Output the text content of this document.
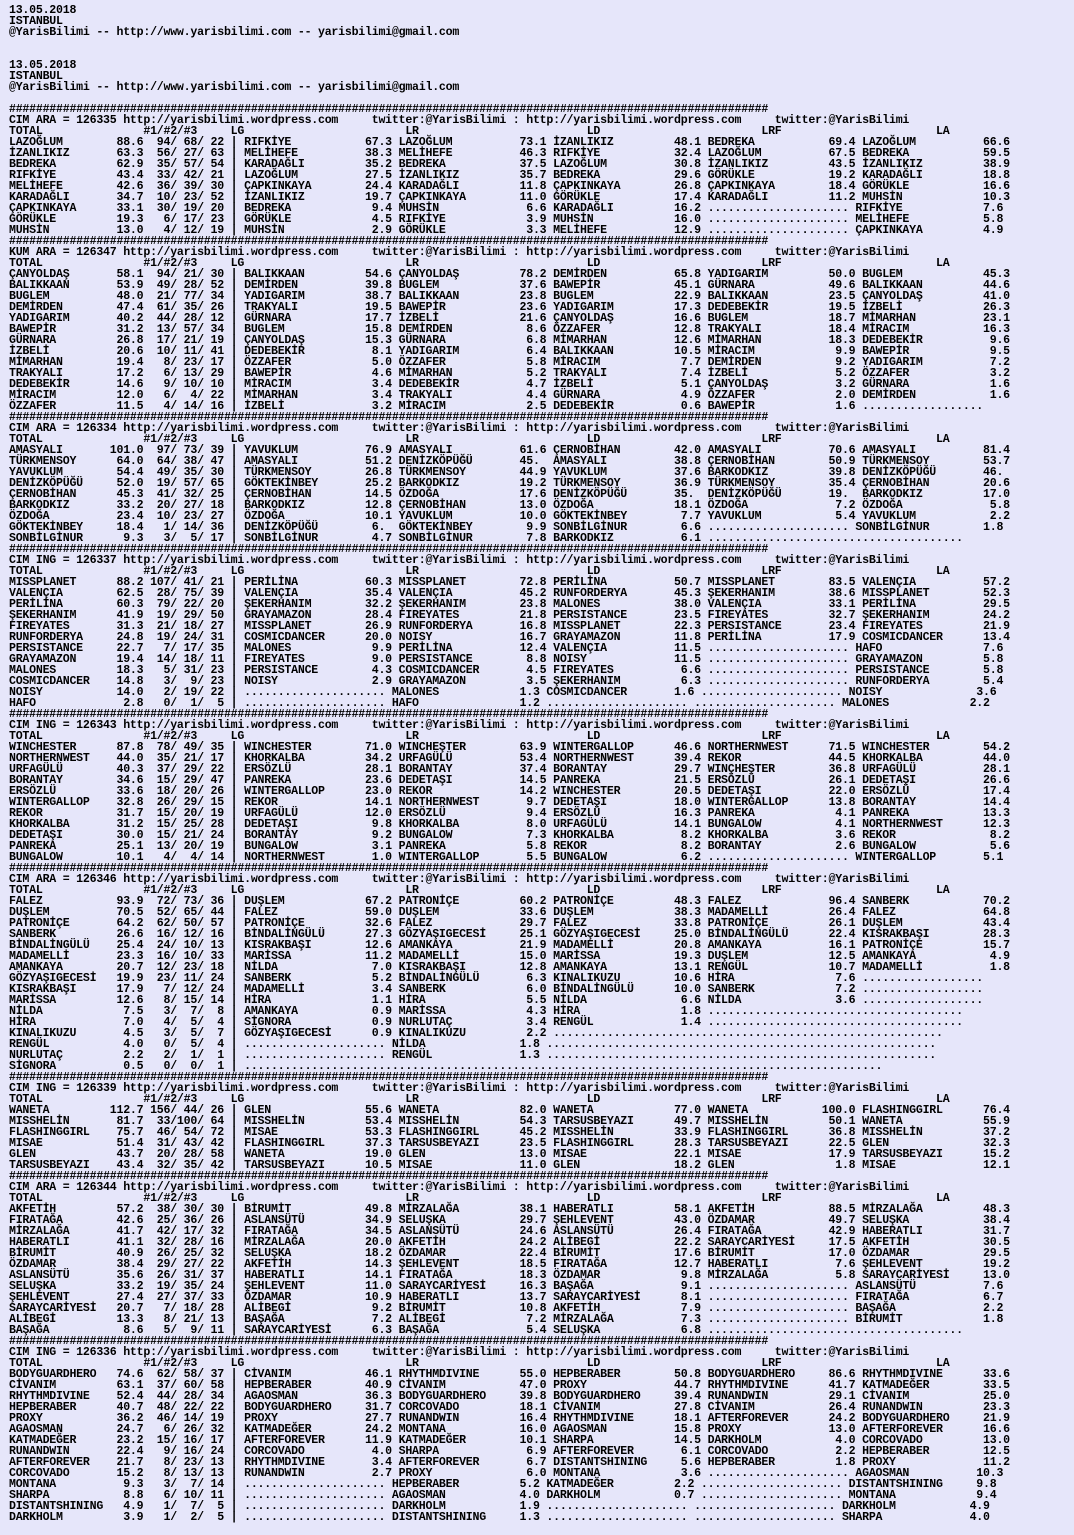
13.05.2018
ISTANBUL
@YarisBilimi -- http://www.yarisbilimi.com -- yarisbilimi@gmail.com
13.05.2018
ISTANBUL
@YarisBilimi -- http://www.yarisbilimi.com -- yarisbilimi@gmail.com
#################################################################################################################
CIM ARA = 126335 http://yarisbilimi.wordpress.com     twitter:@YarisBilimi : http://yarisbilimi.wordpress.com     twitter:@YarisBilimi
TOTAL               #1/#2/#3     LG                        LR                         LD                        LRF                       LA
LAZOĞLUM        88.6  94/ 68/ 22 | RIFKİYE           67.3 LAZOĞLUM          73.1 İZANLIKIZ         48.1 BEDREKA           69.4 LAZOĞLUM          66.6
İZANLIKIZ       63.3  56/ 27/ 63 | MELİHEFE          38.3 MELİHEFE          46.3 RIFKİYE           32.4 LAZOĞLUM          67.5 BEDREKA           59.5
BEDREKA         62.9  35/ 57/ 54 | KARADAĞLI         35.2 BEDREKA           37.5 LAZOĞLUM          30.8 İZANLIKIZ         43.5 İZANLIKIZ         38.9
RIFKİYE         43.4  33/ 42/ 21 | LAZOĞLUM          27.5 İZANLIKIZ         35.7 BEDREKA           29.6 GÖRÜKLE           19.2 KARADAĞLI         18.8
MELİHEFE        42.6  36/ 39/ 30 | ÇAPKINKAYA        24.4 KARADAĞLI         11.8 ÇAPKINKAYA        26.8 ÇAPKINKAYA        18.4 GÖRÜKLE           16.6
KARADAĞLI       34.7  10/ 23/ 52 | İZANLIKIZ         19.7 ÇAPKINKAYA        11.0 GÖRÜKLE           17.4 KARADAĞLI         11.2 MUHSİN            10.3
ÇAPKINKAYA      33.1  30/ 19/ 20 | BEDREKA            9.4 MUHSİN             6.6 KARADAĞLI         16.2 ..................... RIFKİYE            7.6
GÖRÜKLE         19.3   6/ 17/ 23 | GÖRÜKLE            4.5 RIFKİYE            3.9 MUHSİN            16.0 ..................... MELİHEFE           5.8
MUHSİN          13.0   4/ 12/ 19 | MUHSİN             2.9 GÖRÜKLE            3.3 MELİHEFE          12.9 ..................... ÇAPKINKAYA         4.9
#################################################################################################################
KUM ARA = 126347 http://yarisbilimi.wordpress.com     twitter:@YarisBilimi : http://yarisbilimi.wordpress.com     twitter:@YarisBilimi
TOTAL               #1/#2/#3     LG                        LR                         LD                        LRF                       LA
ÇANYOLDAŞ       58.1  94/ 21/ 30 | BALIKKAAN         54.6 ÇANYOLDAŞ         78.2 DEMİRDEN          65.8 YADIGARIM         50.0 BUGLEM            45.3
BALIKKAAN       53.9  49/ 28/ 52 | DEMİRDEN          39.8 BUGLEM            37.6 BAWEPİR           45.1 GÜRNARA           49.6 BALIKKAAN         44.6
BUGLEM          48.0  21/ 77/ 34 | YADIGARIM         38.7 BALIKKAAN         23.8 BUGLEM            22.9 BALIKKAAN         23.5 ÇANYOLDAŞ         41.0
DEMİRDEN        47.4  61/ 35/ 26 | TRAKYALI          19.5 BAWEPİR           23.6 YADIGARIM         17.3 DEDEBEKİR         19.5 İZBELİ            26.3
YADIGARIM       40.2  44/ 28/ 12 | GÜRNARA           17.7 İZBELİ            21.6 ÇANYOLDAŞ         16.6 BUGLEM            18.7 MİMARHAN          23.1
BAWEPİR         31.2  13/ 57/ 34 | BUGLEM            15.8 DEMİRDEN           8.6 ÖZZAFER           12.8 TRAKYALI          18.4 MİRACIM           16.3
GÜRNARA         26.8  17/ 21/ 19 | ÇANYOLDAŞ         15.3 GÜRNARA            6.8 MİMARHAN          12.6 MİMARHAN          18.3 DEDEBEKİR          9.6
İZBELİ          20.6  10/ 11/ 41 | DEDEBEKİR          8.1 YADIGARIM          6.4 BALIKKAAN         10.5 MİRACIM            9.9 BAWEPİR            9.5
MİMARHAN        19.4   8/ 23/ 17 | ÖZZAFER            5.0 ÖZZAFER            5.8 MİRACIM            7.7 DEMİRDEN           9.2 YADIGARIM          7.2
TRAKYALI        17.2   6/ 13/ 29 | BAWEPİR            4.6 MİMARHAN           5.2 TRAKYALI           7.4 İZBELİ             5.2 ÖZZAFER            3.2
DEDEBEKİR       14.6   9/ 10/ 10 | MİRACIM            3.4 DEDEBEKİR          4.7 İZBELİ             5.1 ÇANYOLDAŞ          3.2 GÜRNARA            1.6
MİRACIM         12.0   6/  4/ 22 | MİMARHAN           3.4 TRAKYALI           4.4 GÜRNARA            4.9 ÖZZAFER            2.0 DEMİRDEN           1.6
ÖZZAFER         11.5   4/ 14/ 16 | İZBELİ             3.2 MİRACIM            2.5 DEDEBEKİR          0.6 BAWEPİR            1.6 ..................
#################################################################################################################
CIM ARA = 126334 http://yarisbilimi.wordpress.com     twitter:@YarisBilimi : http://yarisbilimi.wordpress.com     twitter:@YarisBilimi
TOTAL               #1/#2/#3     LG                        LR                         LD                        LRF                       LA
AMASYALI       101.0  97/ 73/ 39 | YAVUKLUM          76.9 AMASYALI          61.6 ÇERNOBİHAN        42.0 AMASYALI          70.6 AMASYALI          81.4
TÜRKMENSOY      64.0  64/ 38/ 47 | AMASYALI          51.2 DENİZKÖPÜĞÜ       45.  AMASYALI          38.8 ÇERNOBİHAN        50.9 TÜRKMENSOY        53.7
YAVUKLUM        54.4  49/ 35/ 30 | TÜRKMENSOY        26.8 TÜRKMENSOY        44.9 YAVUKLUM          37.6 BARKODKIZ         39.8 DENİZKÖPÜĞÜ       46.
DENİZKÖPÜĞÜ     52.0  19/ 57/ 65 | GÖKTEKİNBEY       25.2 BARKODKIZ         19.2 TÜRKMENSOY        36.9 TÜRKMENSOY        35.4 ÇERNOBİHAN        20.6
ÇERNOBİHAN      45.3  41/ 32/ 25 | ÇERNOBİHAN        14.5 ÖZDOĞA            17.6 DENİZKÖPÜĞÜ       35.  DENİZKÖPÜĞÜ       19.  BARKODKIZ         17.0
BARKODKIZ       33.2  20/ 27/ 18 | BARKODKIZ         12.8 ÇERNOBİHAN        13.0 ÖZDOĞA            18.1 ÖZDOĞA             7.2 ÖZDOĞA             5.8
ÖZDOĞA          23.4  10/ 23/ 27 | ÖZDOĞA            10.1 YAVUKLUM          10.0 GÖKTEKİNBEY        7.7 YAVUKLUM           5.4 YAVUKLUM           2.2
GÖKTEKİNBEY     18.4   1/ 14/ 36 | DENİZKÖPÜĞÜ        6.  GÖKTEKİNBEY        9.9 SONBİLGİNUR        6.6 ..................... SONBİLGİNUR        1.8
SONBİLGİNUR      9.3   3/  5/ 17 | SONBİLGİNUR        4.7 SONBİLGİNUR        7.8 BARKODKIZ          6.1 ......................................
#################################################################################################################
CIM ING = 126337 http://yarisbilimi.wordpress.com     twitter:@YarisBilimi : http://yarisbilimi.wordpress.com     twitter:@YarisBilimi
TOTAL               #1/#2/#3     LG                        LR                         LD                        LRF                       LA
MISSPLANET      88.2 107/ 41/ 21 | PERİLİNA          60.3 MISSPLANET        72.8 PERİLİNA          50.7 MISSPLANET        83.5 VALENÇIA          57.2
VALENÇIA        62.5  28/ 75/ 39 | VALENÇIA          35.4 VALENÇIA          45.2 RUNFORDERYA       45.3 ŞEKERHANIM        38.6 MISSPLANET        52.3
PERİLİNA        60.3  79/ 22/ 20 | ŞEKERHANIM        32.2 ŞEKERHANIM        23.8 MALONES           38.0 VALENÇIA          33.1 PERİLİNA          29.5
ŞEKERHANIM      41.9  19/ 29/ 50 | GRAYAMAZON        28.4 FIREYATES         21.8 PERSISTANCE       23.5 FIREYATES         32.7 ŞEKERHANIM        24.2
FIREYATES       31.3  21/ 18/ 27 | MISSPLANET        26.9 RUNFORDERYA       16.8 MISSPLANET        22.3 PERSISTANCE       23.4 FIREYATES         21.9
RUNFORDERYA     24.8  19/ 24/ 31 | COSMICDANCER      20.0 NOISY             16.7 GRAYAMAZON        11.8 PERİLİNA          17.9 COSMICDANCER      13.4
PERSISTANCE     22.7   7/ 17/ 35 | MALONES            9.9 PERİLİNA          12.4 VALENÇIA          11.5 ..................... HAFO               7.6
GRAYAMAZON      19.4  14/ 18/ 11 | FIREYATES          9.0 PERSISTANCE        8.8 NOISY             11.5 ..................... GRAYAMAZON         5.8
MALONES         18.3   5/ 31/ 23 | PERSISTANCE        4.3 COSMICDANCER       4.5 FIREYATES          6.6 ..................... PERSISTANCE        5.8
COSMICDANCER    14.8   3/  9/ 23 | NOISY              2.9 GRAYAMAZON         3.5 ŞEKERHANIM         6.3 ..................... RUNFORDERYA        5.4
NOISY           14.0   2/ 19/ 22 | ..................... MALONES            1.3 COSMICDANCER       1.6 ..................... NOISY              3.6
HAFO             2.8   0/  1/  5 | ..................... HAFO               1.2 ..................... ..................... MALONES            2.2
#################################################################################################################
CIM ING = 126343 http://yarisbilimi.wordpress.com     twitter:@YarisBilimi : http://yarisbilimi.wordpress.com     twitter:@YarisBilimi
TOTAL               #1/#2/#3     LG                        LR                         LD                        LRF                       LA
WINCHESTER      87.8  78/ 49/ 35 | WINCHESTER        71.0 WINCHEŞTER        63.9 WINTERGALLOP      46.6 NORTHERNWEST      71.5 WINCHESTER        54.2
NORTHERNWEST    44.0  35/ 21/ 17 | KHORKALBA         34.2 URFAGÜLÜ          53.4 NORTHERNWEST      39.4 REKOR             44.5 KHORKALBA         44.0
URFAGÜLÜ        40.3  37/ 29/ 22 | ERSÖZLÜ           28.1 BORANTAY          37.4 BORANTAY          29.7 WINÇHEŞTER        36.8 URFAGÜLÜ          28.1
BORANTAY        34.6  15/ 29/ 47 | PANREKA           23.6 DEDETAŞI          14.5 PANREKA           21.5 ERSÖZLÜ           26.1 DEDETAŞI          26.6
ERSÖZLÜ         33.6  18/ 20/ 26 | WINTERGALLOP      23.0 REKOR             14.2 WINCHESTER        20.5 DEDETAŞI          22.0 ERSÖZLÜ           17.4
WINTERGALLOP    32.8  26/ 29/ 15 | REKOR             14.1 NORTHERNWEST       9.7 DEDETAŞI          18.0 WINTERGALLOP      13.8 BORANTAY          14.4
REKOR           31.7  15/ 20/ 19 | URFAGÜLÜ          12.0 ERSÖZLÜ            9.4 ERSÖZLÜ           16.3 PANREKA            4.1 PANREKA           13.3
KHORKALBA       31.2  15/ 25/ 28 | DEDETAŞI           9.8 KHORKALBA          8.0 URFAGÜLÜ          14.1 BUNGALOW           4.1 NORTHERNWEST      12.3
DEDETAŞI        30.0  15/ 21/ 24 | BORANTAY           9.2 BUNGALOW           7.3 KHORKALBA          8.2 KHORKALBA          3.6 REKOR              8.2
PANREKA         25.1  13/ 20/ 19 | BUNGALOW           3.1 PANREKA            5.8 REKOR              8.2 BORANTAY           2.6 BUNGALOW           5.6
BUNGALOW        10.1   4/  4/ 14 | NORTHERNWEST       1.0 WINTERGALLOP       5.5 BUNGALOW           6.2 ..................... WINTERGALLOP       5.1
#################################################################################################################
CIM ARA = 126346 http://yarisbilimi.wordpress.com     twitter:@YarisBilimi : http://yarisbilimi.wordpress.com     twitter:@YarisBilimi
TOTAL               #1/#2/#3     LG                        LR                         LD                        LRF                       LA
FALEZ           93.9  72/ 73/ 36 | DUŞLEM            67.2 PATRONİÇE         60.2 PATRONİÇE         48.3 FALEZ             96.4 SANBERK           70.2
DUŞLEM          70.5  52/ 65/ 44 | FALEZ             59.0 DUŞLEM            33.6 DUŞLEM            38.3 MADAMELLİ         26.4 FALEZ             64.8
PATRONİÇE       64.2  62/ 50/ 57 | PATRONİÇE         32.6 FALEZ             29.7 FALEZ             33.8 PATRONİÇE         26.1 DUŞLEM            43.4
SANBERK         26.6  16/ 12/ 16 | BİNDALİNGÜLÜ      27.3 GÖZYAŞIGECESİ     25.1 GÖZYAŞIGECESİ     25.0 BİNDALİNGÜLÜ      22.4 KISRAKBAŞI        28.3
BİNDALİNGÜLÜ    25.4  24/ 10/ 13 | KISRAKBAŞI        12.6 AMANKAYA          21.9 MADAMELLİ         20.8 AMANKAYA          16.1 PATRONİÇE         15.7
MADAMELLİ       23.3  16/ 10/ 33 | MARİSSA           11.2 MADAMELLİ         15.0 MARİSSA           19.3 DUŞLEM            12.5 AMANKAYA           4.9
AMANKAYA        20.7  12/ 23/ 18 | NİLDA              7.0 KISRAKBAŞI        12.8 AMANKAYA          13.1 RENGÜL            10.7 MADAMELLİ          1.8
GÖZYAŞIGECESİ   19.9  23/ 11/ 24 | SANBERK            5.2 BİNDALİNGÜLÜ       6.3 KINALIKUZU        10.6 HİRA               7.6 ..................
KISRAKBAŞI      17.9   7/ 12/ 24 | MADAMELLİ          3.4 SANBERK            6.0 BİNDALİNGÜLÜ      10.0 SANBERK            7.2 ..................
MARİSSA         12.6   8/ 15/ 14 | HİRA               1.1 HİRA               5.5 NİLDA              6.6 NİLDA              3.6 ..................
NİLDA            7.5   3/  7/  8 | AMANKAYA           0.9 MARİSSA            4.3 HİRA               1.8 ......................................
HİRA             7.0   4/  5/  4 | SİGNORA            0.9 NURLUTAÇ           3.4 RENGÜL             1.4 ......................................
KINALIKUZU       4.5   3/  5/  7 | GÖZYAŞIGECESİ      0.9 KINALIKUZU         2.2 ..........................................................
RENGÜL           4.0   0/  5/  4 | ..................... NİLDA              1.8 ..........................................................
NURLUTAÇ         2.2   2/  1/  1 | ..................... RENGÜL             1.3 ..........................................................
SİGNORA          0.5   0/  0/  1 | ...............................................................................................
#################################################################################################################
CIM ING = 126339 http://yarisbilimi.wordpress.com     twitter:@YarisBilimi : http://yarisbilimi.wordpress.com     twitter:@YarisBilimi
TOTAL               #1/#2/#3     LG                        LR                         LD                        LRF                       LA
WANETA         112.7 156/ 44/ 26 | GLEN              55.6 WANETA            82.0 WANETA            77.0 WANETA           100.0 FLASHINGGIRL      76.4
MISSHELİN       81.7  33/100/ 64 | MISSHELİN         53.4 MISSHELİN         54.3 TARSUSBEYAZI      49.7 MISSHELİN         50.1 WANETA            55.9
FLASHINGGIRL    75.7  46/ 54/ 72 | MISAE             53.3 FLASHINGGIRL      45.2 MISSHELİN         33.9 FLASHINGGIRL      36.8 MISSHELİN         37.2
MISAE           51.4  31/ 43/ 42 | FLASHINGGIRL      37.3 TARSUSBEYAZI      23.5 FLASHINGGIRL      28.3 TARSUSBEYAZI      22.5 GLEN              32.3
GLEN            43.7  20/ 28/ 58 | WANETA            19.0 GLEN              13.0 MISAE             22.1 MISAE             17.9 TARSUSBEYAZI      15.2
TARSUSBEYAZI    43.4  32/ 35/ 42 | TARSUSBEYAZI      10.5 MISAE             11.0 GLEN              18.2 GLEN               1.8 MISAE             12.1
#################################################################################################################
CIM ARA = 126344 http://yarisbilimi.wordpress.com     twitter:@YarisBilimi : http://yarisbilimi.wordpress.com     twitter:@YarisBilimi
TOTAL               #1/#2/#3     LG                        LR                         LD                        LRF                       LA
AKFETİH         57.2  38/ 30/ 30 | BİRUMİT           49.8 MİRZALAĞA         38.1 HABERATLI         58.1 AKFETİH           88.5 MİRZALAĞA         48.3
FIRATAĞA        42.6  25/ 36/ 26 | ASLANSÜTÜ         34.9 SELUŞKA           29.7 ŞEHLEVENT         43.0 ÖZDAMAR           49.7 SELUŞKA           38.4
MİRZALAĞA       41.7  42/ 17/ 32 | FIRATAĞA          34.5 ASLANSÜTÜ         24.6 ASLANSÜTÜ         26.4 FIRATAĞA          42.9 HABERATLI         31.7
HABERATLI       41.1  32/ 28/ 16 | MİRZALAĞA         20.0 AKFETİH           24.2 ALİBEGİ           22.2 SARAYCARİYESİ     17.5 AKFETİH           30.5
BİRUMİT         40.9  26/ 25/ 32 | SELUŞKA           18.2 ÖZDAMAR           22.4 BİRUMİT           17.6 BİRUMİT           17.0 ÖZDAMAR           29.5
ÖZDAMAR         38.4  29/ 27/ 22 | AKFETİH           14.3 ŞEHLEVENT         18.5 FIRATAĞA          12.7 HABERATLI          7.6 ŞEHLEVENT         19.2
ASLANSÜTÜ       35.6  26/ 31/ 37 | HABERATLI         14.1 FIRATAĞA          18.3 ÖZDAMAR            9.8 MİRZALAĞA          5.8 SARAYCARİYESİ     13.0
SELUŞKA         33.2  19/ 35/ 24 | ŞEHLEVENT         11.0 SARAYCARİYESİ     16.3 BAŞAĞA             9.1 ..................... ASLANSÜTÜ          7.6
ŞEHLEVENT       27.4  27/ 37/ 33 | ÖZDAMAR           10.9 HABERATLI         13.7 SARAYCARİYESİ      8.1 ..................... FIRATAĞA           6.7
SARAYCARİYESİ   20.7   7/ 18/ 28 | ALİBEGİ            9.2 BİRUMİT           10.8 AKFETİH            7.9 ..................... BAŞAĞA             2.2
ALİBEGİ         13.3   8/ 21/ 13 | BAŞAĞA             7.2 ALİBEGİ            7.2 MİRZALAĞA          7.3 ..................... BİRUMİT            1.8
BAŞAĞA           8.6   5/  9/ 11 | SARAYCARİYESİ      6.3 BAŞAĞA             5.4 SELUŞKA            6.8 ......................................
#################################################################################################################
CIM ING = 126336 http://yarisbilimi.wordpress.com     twitter:@YarisBilimi : http://yarisbilimi.wordpress.com     twitter:@YarisBilimi
TOTAL               #1/#2/#3     LG                        LR                         LD                        LRF                       LA
BODYGUARDHERO   74.6  62/ 58/ 37 | CİVANIM           46.1 RHYTHMDIVINE      55.0 HEPBERABER        50.8 BODYGUARDHERO     86.6 RHYTHMDIVINE      33.6
CİVANIM         63.1  37/ 60/ 58 | HEPBERABER        40.9 CİVANIM           47.0 PROXY             44.7 RHYTHMDIVINE      41.7 KATMADEĞER        33.5
RHYTHMDIVINE    52.4  44/ 28/ 34 | AGAOSMAN          36.3 BODYGUARDHERO     39.8 BODYGUARDHERO     39.4 RUNANDWIN         29.1 CİVANIM           25.0
HEPBERABER      40.7  48/ 22/ 22 | BODYGUARDHERO     31.7 CORCOVADO         18.1 CİVANIM           27.8 CİVANIM           26.4 RUNANDWIN         23.3
PROXY           36.2  46/ 14/ 19 | PROXY             27.7 RUNANDWIN         16.4 RHYTHMDIVINE      18.1 AFTERFOREVER      24.2 BODYGUARDHERO     21.9
AGAOSMAN        24.7   6/ 26/ 32 | KATMADEĞER        24.2 MONTANA           16.0 AGAOSMAN          15.8 PROXY             13.0 AFTERFOREVER      16.6
KATMADEĞER      23.2  15/ 16/ 17 | AFTERFOREVER      11.9 KATMADEĞER        10.1 SHARPA            14.5 DARKHOLM           4.0 CORCOVADO         13.0
RUNANDWIN       22.4   9/ 16/ 24 | CORCOVADO          4.0 SHARPA             6.9 AFTERFOREVER       6.1 CORCOVADO          2.2 HEPBERABER        12.5
AFTERFOREVER    21.7   8/ 23/ 13 | RHYTHMDIVINE       3.4 AFTERFOREVER       6.7 DISTANTSHINING     5.6 HEPBERABER         1.8 PROXY             11.2
CORCOVADO       15.2   8/ 13/ 13 | RUNANDWIN          2.7 PROXY              6.0 MONTANA            3.6 ..................... AGAOSMAN          10.3
MONTANA          9.3   3/  7/ 14 | ..................... HEPBERABER         5.2 KATMADEĞER         2.2 ..................... DISTANTSHINING     9.8
SHARPA           8.8   6/ 10/ 11 | ..................... AGAOSMAN           4.0 DARKHOLM           0.7 ..................... MONTANA            9.4
DISTANTSHINING   4.9   1/  7/  5 | ..................... DARKHOLM           1.9 ..................... ..................... DARKHOLM           4.9
DARKHOLM         3.9   1/  2/  5 | ..................... DISTANTSHINING     1.3 ..................... ..................... SHARPA             4.0
